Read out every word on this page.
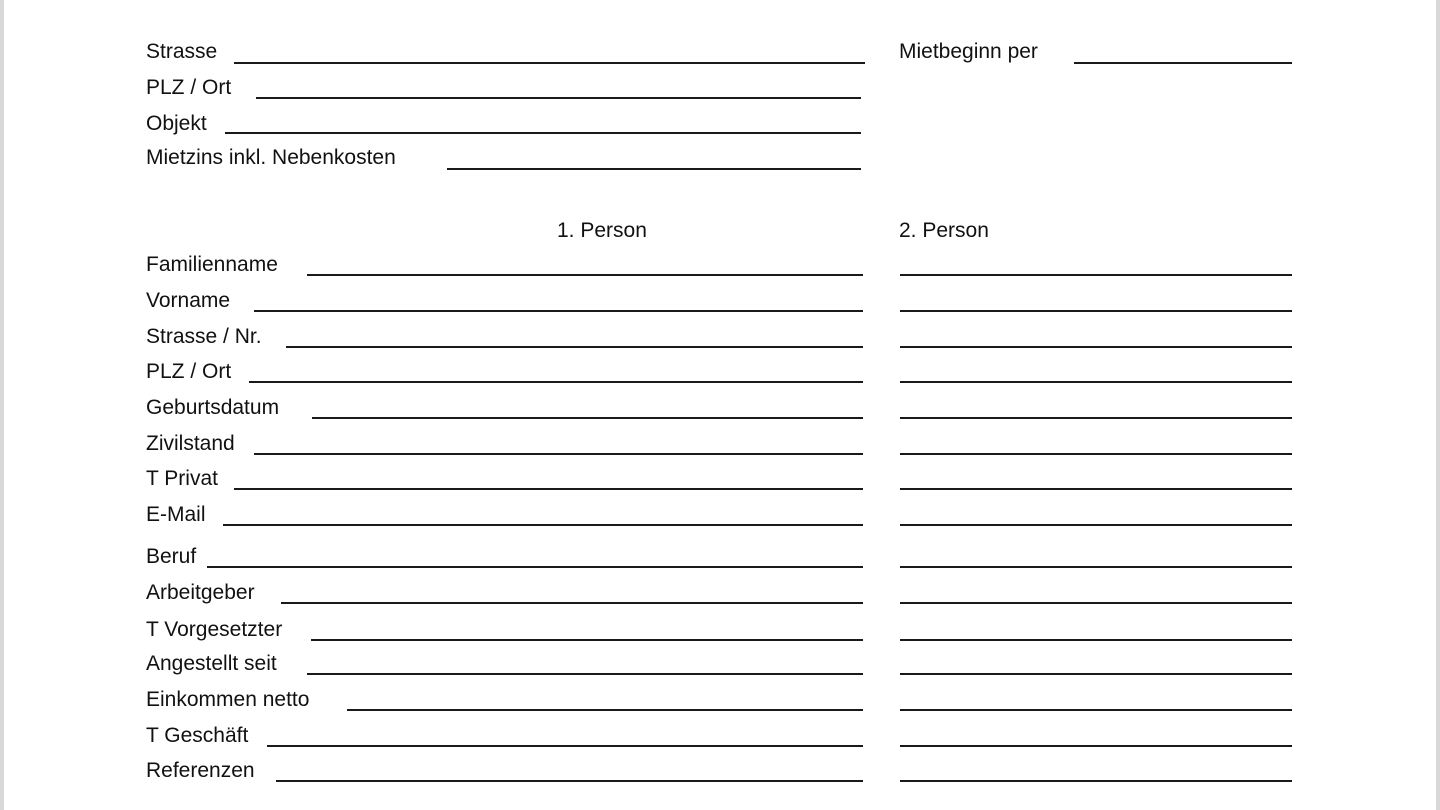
Strasse	Mietbeginn per
PLZ / Ort
Objekt
Mietzins inkl. Nebenkosten
1. Person	2. Person
Familienname
Vorname
Strasse / Nr.
PLZ / Ort
Geburtsdatum
Zivilstand
T Privat
E-Mail
Beruf
Arbeitgeber
T Vorgesetzter
Angestellt seit
Einkommen netto
T Geschäft
Referenzen
